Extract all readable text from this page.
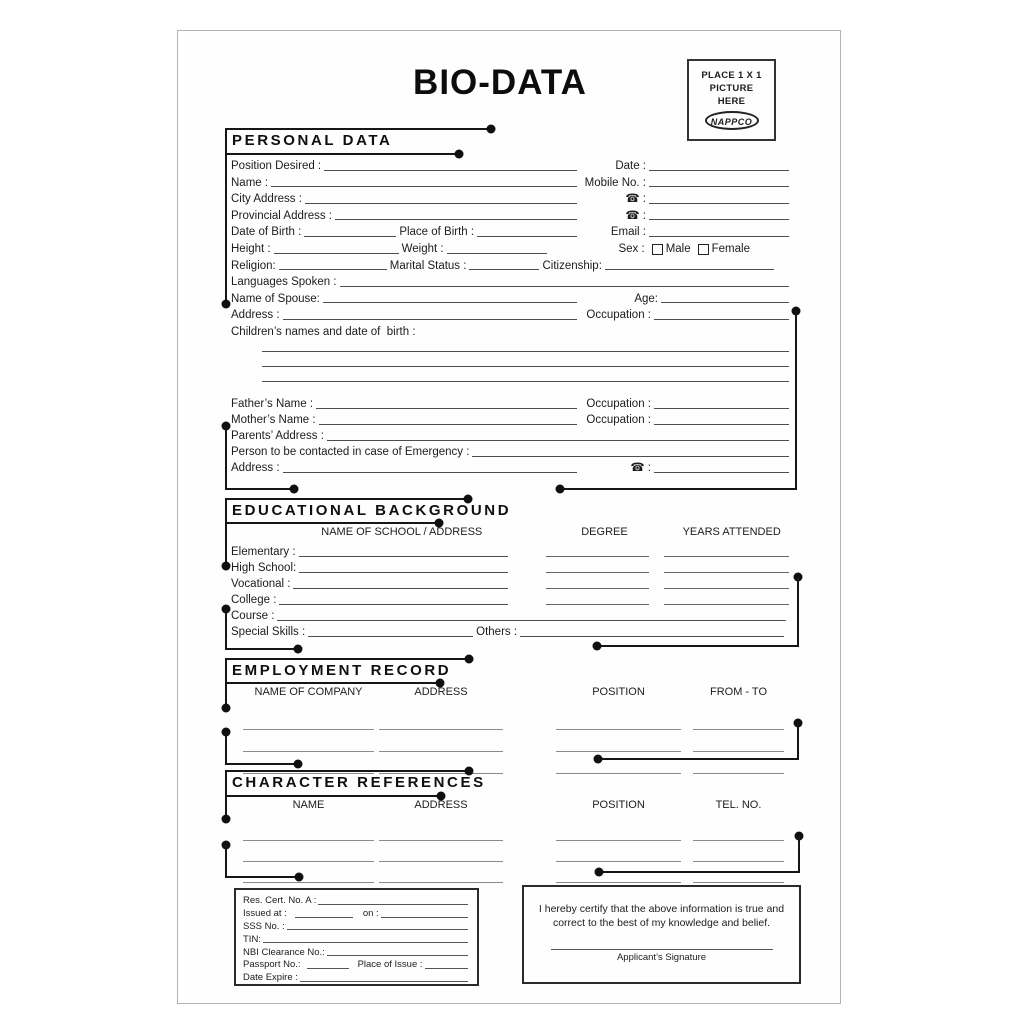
BIO-DATA	PLACE 1 X 1
PICTURE
HERE
NAPPCO
PERSONAL DATA
Position Desired :	Date :
Name :	Mobile No. :
City Address :	☎ :
Provincial Address :	☎ :
Date of Birth :	Place of Birth :	Email :
Height :	Weight :	Sex : Male Female
Religion:	Marital Status :	Citizenship:
Languages Spoken :
Name of Spouse:	Age:
Address :	Occupation :
Children’s names and date of  birth :
Father’s Name :	Occupation :
Mother’s Name :	Occupation :
Parents’ Address :
Person to be contacted in case of Emergency :
Address :	☎ :
EDUCATIONAL BACKGROUND
NAME OF SCHOOL / ADDRESS	DEGREE	YEARS ATTENDED
Elementary :
High School:
Vocational :
College :
Course :
Special Skills :	Others :
EMPLOYMENT RECORD
NAME OF COMPANY	ADDRESS	POSITION	FROM - TO
CHARACTER REFERENCES
NAME	ADDRESS	POSITION	TEL. NO.
Res. Cert. No. A :
Issued at :	on :
SSS No. :
TIN:
NBI Clearance No.:
Passport No.:	Place of Issue :
Date Expire :

I hereby certify that the above information is true and correct to the best of my knowledge and belief.

Applicant’s Signature
